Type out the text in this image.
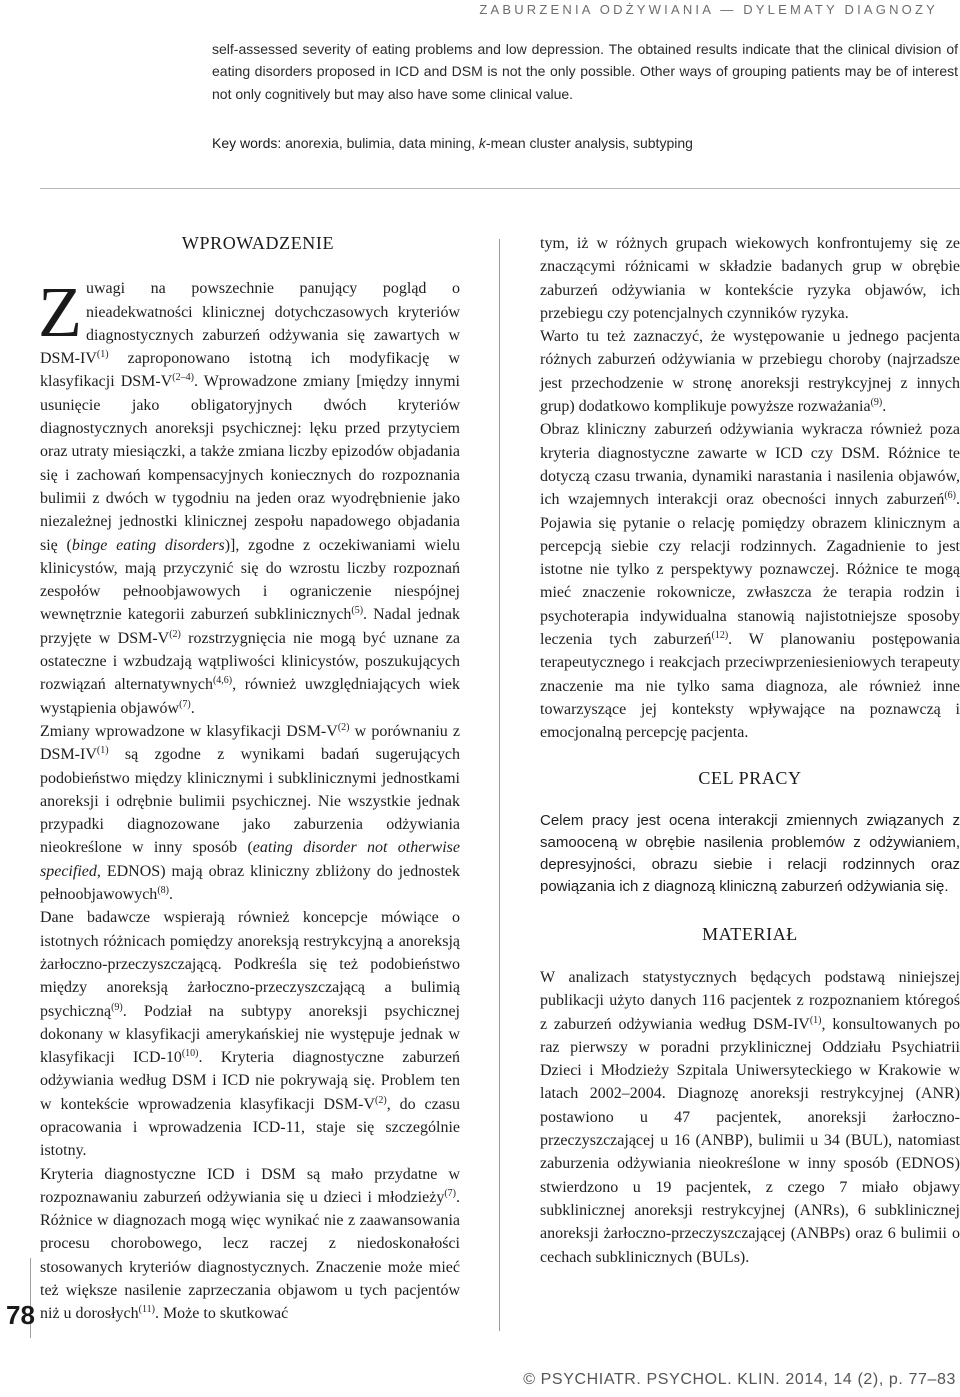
ZABURZENIA ODŻYWIANIA — DYLEMATY DIAGNOZY

self-assessed severity of eating problems and low depression. The obtained results indicate that the clinical division of eating disorders proposed in ICD and DSM is not the only possible. Other ways of grouping patients may be of interest not only cognitively but may also have some clinical value.

Key words: anorexia, bulimia, data mining, k-mean cluster analysis, subtyping

78
WPROWADZENIE

Zuwagi na powszechnie panujący pogląd o nieadekwatności klinicznej dotychczasowych kryteriów diagnostycznych zaburzeń odżywania się zawartych w DSM-IV$^{(1)}$ zaproponowano istotną ich modyfikację w klasyfikacji DSM-$V^{(2-4)}$. Wprowadzone zmiany [między innymi usunięcie jako obligatoryjnych dwóch kryteriów diagnostycznych anoreksji psychicznej: lęku przed przytyciem oraz utraty miesiączki, a także zmiana liczby epizodów objadania się i zachowań kompensacyjnych koniecznych do rozpoznania bulimii z dwóch w tygodniu na jeden oraz wyodrębnienie jako niezależnej jednostki klinicznej zespołu napadowego objadania się (binge eating disorders)], zgodne z oczekiwaniami wielu klinicystów, mają przyczynić się do wzrostu liczby rozpoznań zespołów pełnoobjawowych i ograniczenie niespójnej wewnętrznie kategorii zaburzeń subklinicznych$^{(5)}$. Nadal jednak przyjęte w DSM-$V^{(2)}$ rozstrzygnięcia nie mogą być uznane za ostateczne i wzbudzają wątpliwości klinicystów, poszukujących rozwiązań alternatywnych$^{(4,6)}$, również uwzględniających wiek wystąpienia objawów$^{(7)}$.

Zmiany wprowadzone w klasyfikacji DSM-$V^{(2)}$ w porównaniu z DSM-IV$^{(1)}$ są zgodne z wynikami badań sugerujących podobieństwo między klinicznymi i subklinicznymi jednostkami anoreksji i odrębnie bulimii psychicznej. Nie wszystkie jednak przypadki diagnozowane jako zaburzenia odżywiania nieokreślone w inny sposób (eating disorder not otherwise specified, EDNOS) mają obraz kliniczny zbliżony do jednostek pełnoobjawowych$^{(8)}$.

Dane badawcze wspierają również koncepcje mówiące o istotnych różnicach pomiędzy anoreksją restrykcyjną a anoreksją żarłoczno-przeczyszczającą. Podkreśla się też podobieństwo między anoreksją żarłoczno-przeczyszczającą a bulimią psychiczną$^{(9)}$. Podział na subtypy anoreksji psychicznej dokonany w klasyfikacji amerykańskiej nie występuje jednak w klasyfikacji ICD-10$^{(10)}$. Kryteria diagnostyczne zaburzeń odżywiania według DSM i ICD nie pokrywają się. Problem ten w kontekście wprowadzenia klasyfikacji DSM-$V^{(2)}$, do czasu opracowania i wprowadzenia ICD-11, staje się szczególnie istotny.

Kryteria diagnostyczne ICD i DSM są mało przydatne w rozpoznawaniu zaburzeń odżywiania się u dzieci i młodzieży$^{(7)}$. Różnice w diagnozach mogą więc wynikać nie z zaawansowania procesu chorobowego, lecz raczej z niedoskonałości stosowanych kryteriów diagnostycznych. Znaczenie może mieć też większe nasilenie zaprzeczania objawom u tych pacjentów niż u dorosłych$^{(11)}$. Może to skutkować

tym, iż w różnych grupach wiekowych konfrontujemy się ze znaczącymi różnicami w składzie badanych grup w obrębie zaburzeń odżywiania w kontekście ryzyka objawów, ich przebiegu czy potencjalnych czynników ryzyka.

Warto tu też zaznaczyć, że występowanie u jednego pacjenta różnych zaburzeń odżywiania w przebiegu choroby (najrzadsze jest przechodzenie w stronę anoreksji restrykcyjnej z innych grup) dodatkowo komplikuje powyższe rozważania$^{(9)}$.

Obraz kliniczny zaburzeń odżywiania wykracza również poza kryteria diagnostyczne zawarte w ICD czy DSM. Różnice te dotyczą czasu trwania, dynamiki narastania i nasilenia objawów, ich wzajemnych interakcji oraz obecności innych zaburzeń$^{(6)}$. Pojawia się pytanie o relację pomiędzy obrazem klinicznym a percepcją siebie czy relacji rodzinnych. Zagadnienie to jest istotne nie tylko z perspektywy poznawczej. Różnice te mogą mieć znaczenie rokownicze, zwłaszcza że terapia rodzin i psychoterapia indywidualna stanowią najistotniejsze sposoby leczenia tych zaburzeń$^{(12)}$. W planowaniu postępowania terapeutycznego i reakcjach przeciwprzeniesieniowych terapeuty znaczenie ma nie tylko sama diagnoza, ale również inne towarzyszące jej konteksty wpływające na poznawczą i emocjonalną percepcję pacjenta.

CEL PRACY

Celem pracy jest ocena interakcji zmiennych związanych z samooceną w obrębie nasilenia problemów z odżywianiem, depresyjności, obrazu siebie i relacji rodzinnych oraz powiązania ich z diagnozą kliniczną zaburzeń odżywiania się.

MATERIAŁ

W analizach statystycznych będących podstawą niniejszej publikacji użyto danych 116 pacjentek z rozpoznaniem któregoś z zaburzeń odżywiania według DSM-IV$^{(1)}$, konsultowanych po raz pierwszy w poradni przyklinicznej Oddziału Psychiatrii Dzieci i Młodzieży Szpitala Uniwersyteckiego w Krakowie w latach 2002–2004. Diagnozę anoreksji restrykcyjnej (ANR) postawiono u 47 pacjentek, anoreksji żarłoczno-przeczyszczającej u 16 (ANBP), bulimii u 34 (BUL), natomiast zaburzenia odżywiania nieokreślone w inny sposób (EDNOS) stwierdzono u 19 pacjentek, z czego 7 miało objawy subklinicznej anoreksji restrykcyjnej (ANRs), 6 subklinicznej anoreksji żarłoczno-przeczyszczającej (ANBPs) oraz 6 bulimii o cechach subklinicznych (BULs).

© PSYCHIATR. PSYCHOL. KLIN. 2014, 14 (2), p. 77–83
